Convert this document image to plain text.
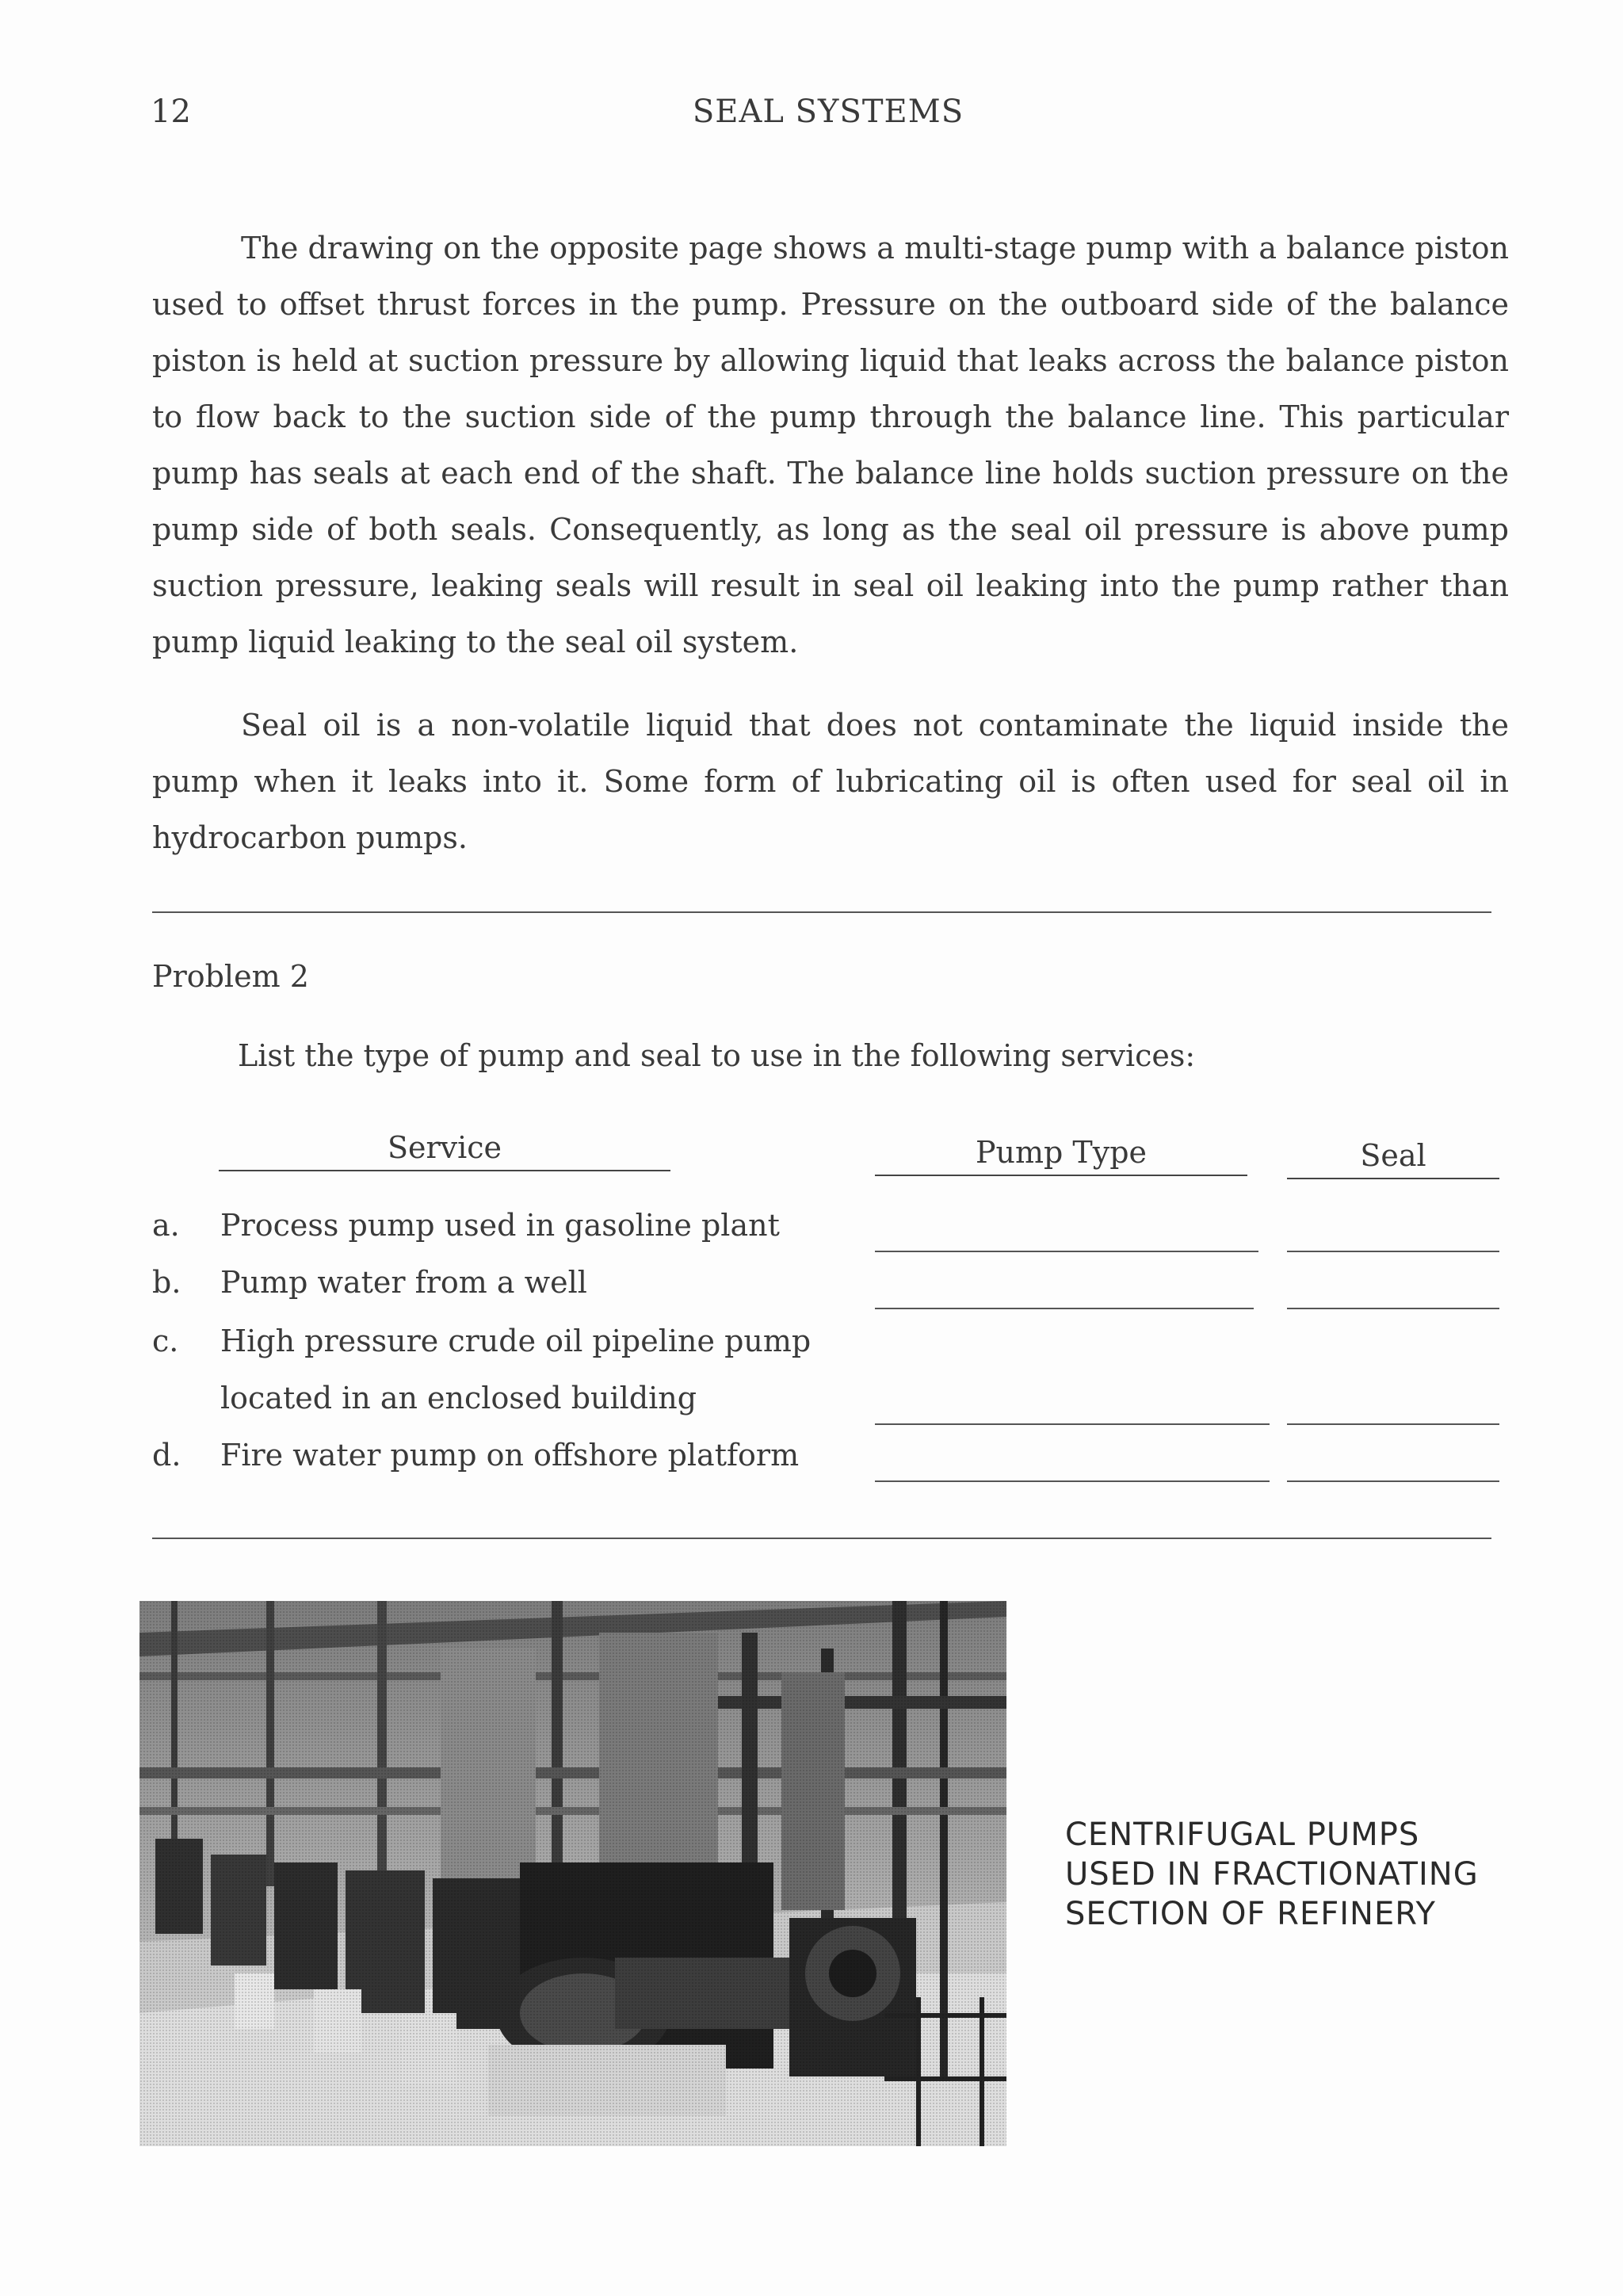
12	SEAL SYSTEMS

The drawing on the opposite page shows a multi-stage pump with a balance piston used to offset thrust forces in the pump. Pressure on the outboard side of the balance piston is held at suction pressure by allowing liquid that leaks across the balance piston to flow back to the suction side of the pump through the balance line. This particular pump has seals at each end of the shaft. The balance line holds suction pressure on the pump side of both seals. Consequently, as long as the seal oil pressure is above pump suction pressure, leaking seals will result in seal oil leaking into the pump rather than pump liquid leaking to the seal oil system.

Seal oil is a non-volatile liquid that does not contaminate the liquid inside the pump when it leaks into it. Some form of lubricating oil is often used for seal oil in hydrocarbon pumps.

Problem 2
List the type of pump and seal to use in the following services:
Service	Pump Type	Seal
a.	Process pump used in gasoline plant
b.	Pump water from a well
c.	High pressure crude oil pipeline pump
located in an enclosed building
d.	Fire water pump on offshore platform
CENTRIFUGAL PUMPS
USED IN FRACTIONATING
SECTION OF REFINERY
